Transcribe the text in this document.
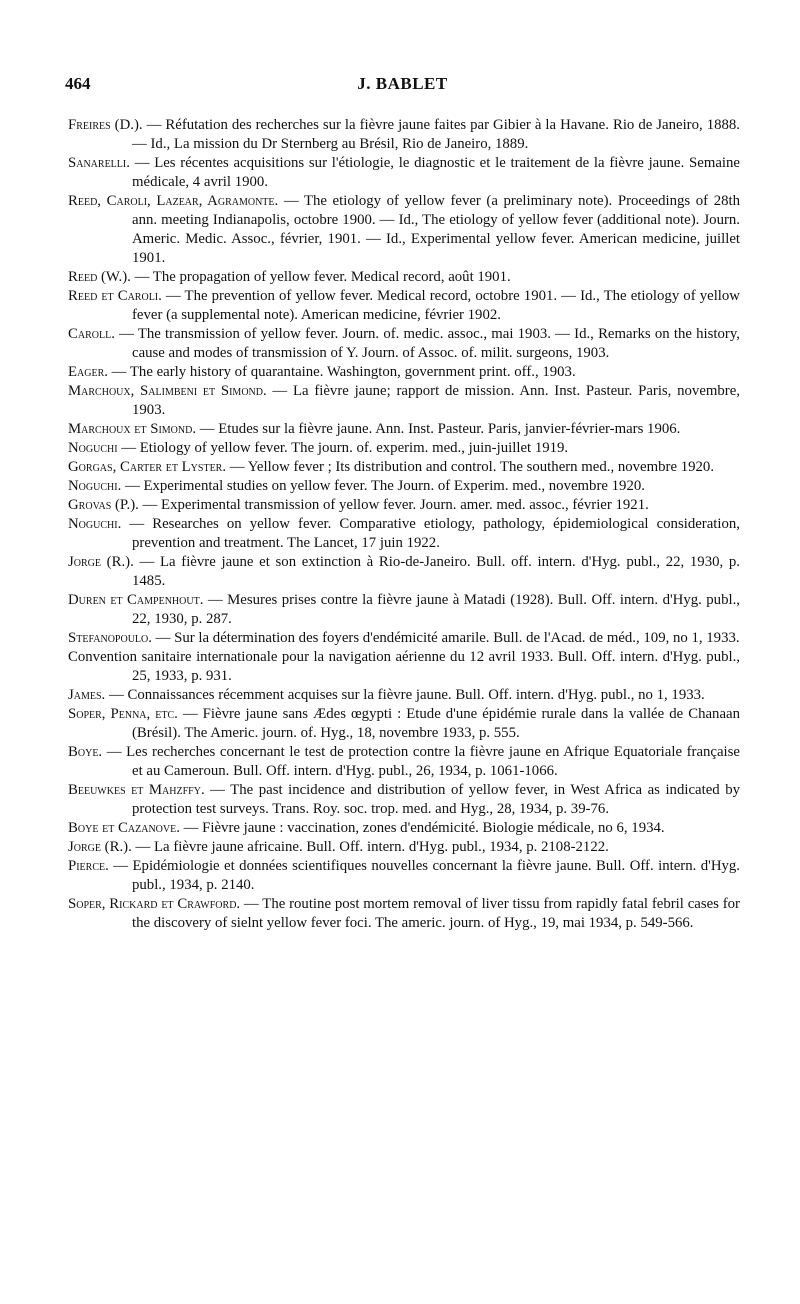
464	J. BABLET

Freires (D.). — Réfutation des recherches sur la fièvre jaune faites par Gibier à la Havane. Rio de Janeiro, 1888. — Id., La mission du Dr Sternberg au Brésil, Rio de Janeiro, 1889.

Sanarelli. — Les récentes acquisitions sur l'étiologie, le diagnostic et le traitement de la fièvre jaune. Semaine médicale, 4 avril 1900.

Reed, Caroli, Lazear, Agramonte. — The etiology of yellow fever (a preliminary note). Proceedings of 28th ann. meeting Indianapolis, octobre 1900. — Id., The etiology of yellow fever (additional note). Journ. Americ. Medic. Assoc., février, 1901. — Id., Experimental yellow fever. American medicine, juillet 1901.

Reed (W.). — The propagation of yellow fever. Medical record, août 1901.

Reed et Caroli. — The prevention of yellow fever. Medical record, octobre 1901. — Id., The etiology of yellow fever (a supplemental note). American medicine, février 1902.

Caroll. — The transmission of yellow fever. Journ. of. medic. assoc., mai 1903. — Id., Remarks on the history, cause and modes of transmission of Y. Journ. of Assoc. of. milit. surgeons, 1903.

Eager. — The early history of quarantaine. Washington, government print. off., 1903.

Marchoux, Salimbeni et Simond. — La fièvre jaune; rapport de mission. Ann. Inst. Pasteur. Paris, novembre, 1903.

Marchoux et Simond. — Etudes sur la fièvre jaune. Ann. Inst. Pasteur. Paris, janvier-février-mars 1906.

Noguchi — Etiology of yellow fever. The journ. of. experim. med., juin-juillet 1919.

Gorgas, Carter et Lyster. — Yellow fever ; Its distribution and control. The southern med., novembre 1920.

Noguchi. — Experimental studies on yellow fever. The Journ. of Experim. med., novembre 1920.

Grovas (P.). — Experimental transmission of yellow fever. Journ. amer. med. assoc., février 1921.

Noguchi. — Researches on yellow fever. Comparative etiology, pathology, épidemiological consideration, prevention and treatment. The Lancet, 17 juin 1922.

Jorge (R.). — La fièvre jaune et son extinction à Rio-de-Janeiro. Bull. off. intern. d'Hyg. publ., 22, 1930, p. 1485.

Duren et Campenhout. — Mesures prises contre la fièvre jaune à Matadi (1928). Bull. Off. intern. d'Hyg. publ., 22, 1930, p. 287.

Stefanopoulo. — Sur la détermination des foyers d'endémicité amarile. Bull. de l'Acad. de méd., 109, no 1, 1933.

Convention sanitaire internationale pour la navigation aérienne du 12 avril 1933. Bull. Off. intern. d'Hyg. publ., 25, 1933, p. 931.

James. — Connaissances récemment acquises sur la fièvre jaune. Bull. Off. intern. d'Hyg. publ., no 1, 1933.

Soper, Penna, etc. — Fièvre jaune sans Ædes œgypti : Etude d'une épidémie rurale dans la vallée de Chanaan (Brésil). The Americ. journ. of. Hyg., 18, novembre 1933, p. 555.

Boye. — Les recherches concernant le test de protection contre la fièvre jaune en Afrique Equatoriale française et au Cameroun. Bull. Off. intern. d'Hyg. publ., 26, 1934, p. 1061-1066.

Beeuwkes et Mahzffy. — The past incidence and distribution of yellow fever, in West Africa as indicated by protection test surveys. Trans. Roy. soc. trop. med. and Hyg., 28, 1934, p. 39-76.

Boye et Cazanove. — Fièvre jaune : vaccination, zones d'endémicité. Biologie médicale, no 6, 1934.

Jorge (R.). — La fièvre jaune africaine. Bull. Off. intern. d'Hyg. publ., 1934, p. 2108-2122.

Pierce. — Epidémiologie et données scientifiques nouvelles concernant la fièvre jaune. Bull. Off. intern. d'Hyg. publ., 1934, p. 2140.

Soper, Rickard et Crawford. — The routine post mortem removal of liver tissu from rapidly fatal febril cases for the discovery of sielnt yellow fever foci. The americ. journ. of Hyg., 19, mai 1934, p. 549-566.
